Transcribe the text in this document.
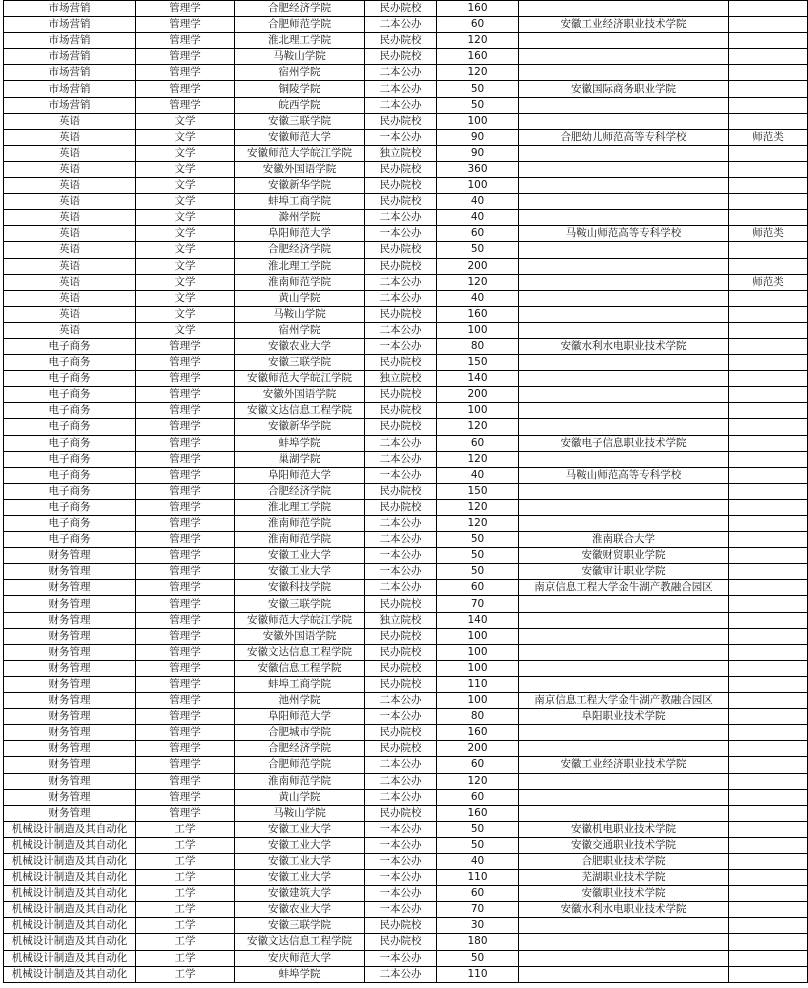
市场营销	管理学	合肥经济学院	民办院校	160		
市场营销	管理学	合肥师范学院	二本公办	60	安徽工业经济职业技术学院	
市场营销	管理学	淮北理工学院	民办院校	120		
市场营销	管理学	马鞍山学院	民办院校	160		
市场营销	管理学	宿州学院	二本公办	120		
市场营销	管理学	铜陵学院	二本公办	50	安徽国际商务职业学院	
市场营销	管理学	皖西学院	二本公办	50		
英语	文学	安徽三联学院	民办院校	100		
英语	文学	安徽师范大学	一本公办	90	合肥幼儿师范高等专科学校	师范类
英语	文学	安徽师范大学皖江学院	独立院校	90		
英语	文学	安徽外国语学院	民办院校	360		
英语	文学	安徽新华学院	民办院校	100		
英语	文学	蚌埠工商学院	民办院校	40		
英语	文学	滁州学院	二本公办	40		
英语	文学	阜阳师范大学	一本公办	60	马鞍山师范高等专科学校	师范类
英语	文学	合肥经济学院	民办院校	50		
英语	文学	淮北理工学院	民办院校	200		
英语	文学	淮南师范学院	二本公办	120		师范类
英语	文学	黄山学院	二本公办	40		
英语	文学	马鞍山学院	民办院校	160		
英语	文学	宿州学院	二本公办	100		
电子商务	管理学	安徽农业大学	一本公办	80	安徽水利水电职业技术学院	
电子商务	管理学	安徽三联学院	民办院校	150		
电子商务	管理学	安徽师范大学皖江学院	独立院校	140		
电子商务	管理学	安徽外国语学院	民办院校	200		
电子商务	管理学	安徽文达信息工程学院	民办院校	100		
电子商务	管理学	安徽新华学院	民办院校	120		
电子商务	管理学	蚌埠学院	二本公办	60	安徽电子信息职业技术学院	
电子商务	管理学	巢湖学院	二本公办	120		
电子商务	管理学	阜阳师范大学	一本公办	40	马鞍山师范高等专科学校	
电子商务	管理学	合肥经济学院	民办院校	150		
电子商务	管理学	淮北理工学院	民办院校	120		
电子商务	管理学	淮南师范学院	二本公办	120		
电子商务	管理学	淮南师范学院	二本公办	50	淮南联合大学	
财务管理	管理学	安徽工业大学	一本公办	50	安徽财贸职业学院	
财务管理	管理学	安徽工业大学	一本公办	50	安徽审计职业学院	
财务管理	管理学	安徽科技学院	二本公办	60	南京信息工程大学金牛湖产教融合园区	
财务管理	管理学	安徽三联学院	民办院校	70		
财务管理	管理学	安徽师范大学皖江学院	独立院校	140		
财务管理	管理学	安徽外国语学院	民办院校	100		
财务管理	管理学	安徽文达信息工程学院	民办院校	100		
财务管理	管理学	安徽信息工程学院	民办院校	100		
财务管理	管理学	蚌埠工商学院	民办院校	110		
财务管理	管理学	池州学院	二本公办	100	南京信息工程大学金牛湖产教融合园区	
财务管理	管理学	阜阳师范大学	一本公办	80	阜阳职业技术学院	
财务管理	管理学	合肥城市学院	民办院校	160		
财务管理	管理学	合肥经济学院	民办院校	200		
财务管理	管理学	合肥师范学院	二本公办	60	安徽工业经济职业技术学院	
财务管理	管理学	淮南师范学院	二本公办	120		
财务管理	管理学	黄山学院	二本公办	60		
财务管理	管理学	马鞍山学院	民办院校	160		
机械设计制造及其自动化	工学	安徽工业大学	一本公办	50	安徽机电职业技术学院	
机械设计制造及其自动化	工学	安徽工业大学	一本公办	50	安徽交通职业技术学院	
机械设计制造及其自动化	工学	安徽工业大学	一本公办	40	合肥职业技术学院	
机械设计制造及其自动化	工学	安徽工业大学	一本公办	110	芜湖职业技术学院	
机械设计制造及其自动化	工学	安徽建筑大学	一本公办	60	安徽职业技术学院	
机械设计制造及其自动化	工学	安徽农业大学	一本公办	70	安徽水利水电职业技术学院	
机械设计制造及其自动化	工学	安徽三联学院	民办院校	30		
机械设计制造及其自动化	工学	安徽文达信息工程学院	民办院校	180		
机械设计制造及其自动化	工学	安庆师范大学	一本公办	50		
机械设计制造及其自动化	工学	蚌埠学院	二本公办	110		
